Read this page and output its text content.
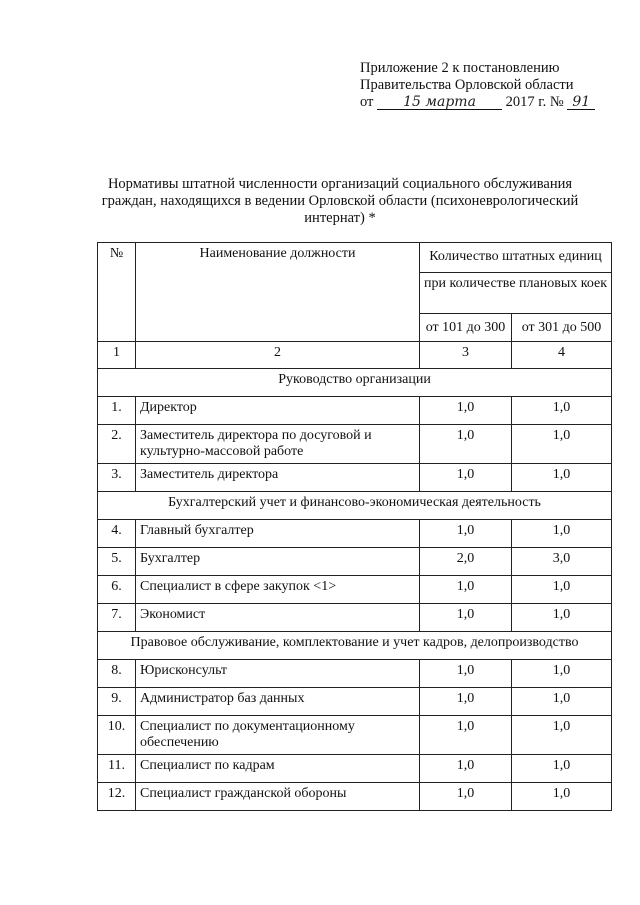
Приложение 2 к постановлению
Правительства Орловской области
от 15 марта 2017 г. № 91
Нормативы штатной численности организаций социального обслуживания граждан, находящихся в ведении Орловской области (психоневрологический интернат) *
№	Наименование должности	Количество штатных единиц	
		при количестве плановых коек	
		от 101 до 300	от 301 до 500
1	2	3	4
Руководство организации			
1.	Директор	1,0	1,0
2.	Заместитель директора по досуговой и культурно-массовой работе	1,0	1,0
3.	Заместитель директора	1,0	1,0
Бухгалтерский учет и финансово-экономическая деятельность			
4.	Главный бухгалтер	1,0	1,0
5.	Бухгалтер	2,0	3,0
6.	Специалист в сфере закупок <1>	1,0	1,0
7.	Экономист	1,0	1,0
Правовое обслуживание, комплектование и учет кадров, делопроизводство			
8.	Юрисконсульт	1,0	1,0
9.	Администратор баз данных	1,0	1,0
10.	Специалист по документационному обеспечению	1,0	1,0
11.	Специалист по кадрам	1,0	1,0
12.	Специалист гражданской обороны	1,0	1,0
